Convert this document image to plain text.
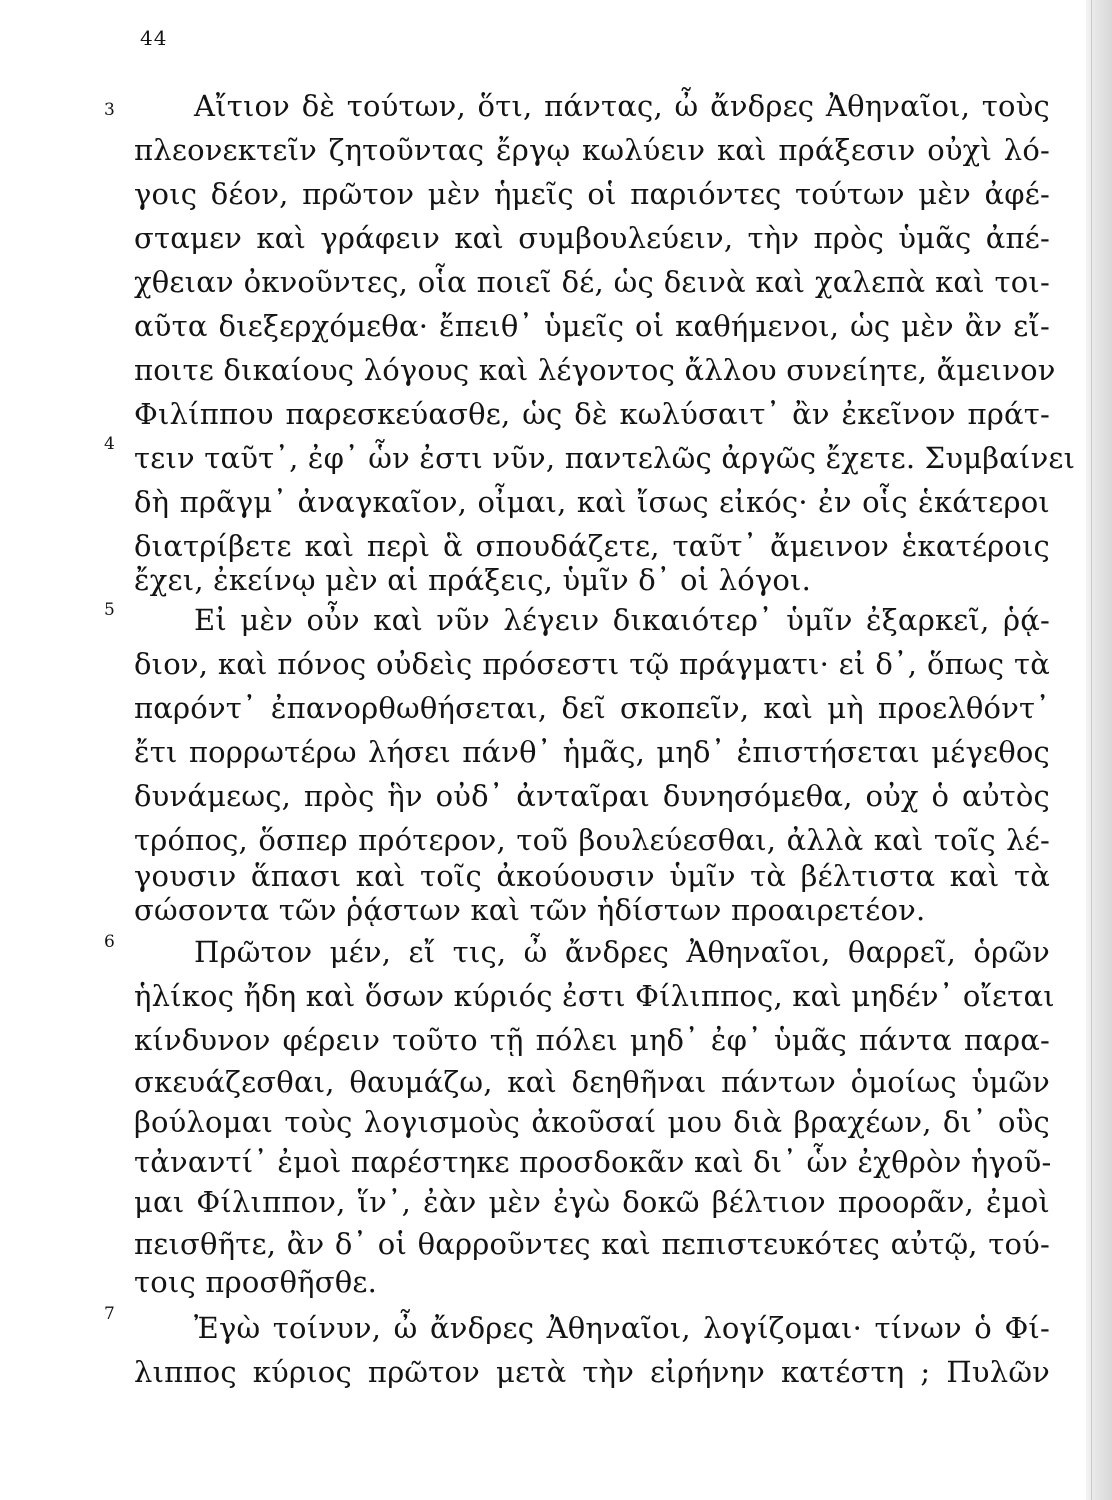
44
3
4
5
6
7
Αἴτιον δὲ τούτων, ὅτι, πάντας, ὦ ἄνδρες Ἀθηναῖοι, τοὺς
πλεονεκτεῖν ζητοῦντας ἔργῳ κωλύειν καὶ πράξεσιν οὐχὶ λό-
γοις δέον, πρῶτον μὲν ἡμεῖς οἱ παριόντες τούτων μὲν ἀφέ-
σταμεν καὶ γράφειν καὶ συμβουλεύειν, τὴν πρὸς ὑμᾶς ἀπέ-
χθειαν ὀκνοῦντες, οἷα ποιεῖ δέ, ὡς δεινὰ καὶ χαλεπὰ καὶ τοι-
αῦτα διεξερχόμεθα· ἔπειθ᾽ ὑμεῖς οἱ καθήμενοι, ὡς μὲν ἂν εἴ-
ποιτε δικαίους λόγους καὶ λέγοντος ἄλλου συνείητε, ἄμεινον
Φιλίππου παρεσκεύασθε, ὡς δὲ κωλύσαιτ᾽ ἂν ἐκεῖνον πράτ-
τειν ταῦτ᾽, ἐφ᾽ ὧν ἐστι νῦν, παντελῶς ἀργῶς ἔχετε. Συμβαίνει
δὴ πρᾶγμ᾽ ἀναγκαῖον, οἶμαι, καὶ ἴσως εἰκός· ἐν οἷς ἑκάτεροι
διατρίβετε καὶ περὶ ἃ σπουδάζετε, ταῦτ᾽ ἄμεινον ἑκατέροις
ἔχει, ἐκείνῳ μὲν αἱ πράξεις, ὑμῖν δ᾽ οἱ λόγοι.
Εἰ μὲν οὖν καὶ νῦν λέγειν δικαιότερ᾽ ὑμῖν ἐξαρκεῖ, ῥᾴ-
διον, καὶ πόνος οὐδεὶς πρόσεστι τῷ πράγματι· εἰ δ᾽, ὅπως τὰ
παρόντ᾽ ἐπανορθωθήσεται, δεῖ σκοπεῖν, καὶ μὴ προελθόντ᾽
ἔτι πορρωτέρω λήσει πάνθ᾽ ἡμᾶς, μηδ᾽ ἐπιστήσεται μέγεθος
δυνάμεως, πρὸς ἣν οὐδ᾽ ἀνταῖραι δυνησόμεθα, οὐχ ὁ αὐτὸς
τρόπος, ὅσπερ πρότερον, τοῦ βουλεύεσθαι, ἀλλὰ καὶ τοῖς λέ-
γουσιν ἅπασι καὶ τοῖς ἀκούουσιν ὑμῖν τὰ βέλτιστα καὶ τὰ
σώσοντα τῶν ῥᾴστων καὶ τῶν ἡδίστων προαιρετέον.
Πρῶτον μέν, εἴ τις, ὦ ἄνδρες Ἀθηναῖοι, θαρρεῖ, ὁρῶν
ἡλίκος ἤδη καὶ ὅσων κύριός ἐστι Φίλιππος, καὶ μηδέν᾽ οἴεται
κίνδυνον φέρειν τοῦτο τῇ πόλει μηδ᾽ ἐφ᾽ ὑμᾶς πάντα παρα-
σκευάζεσθαι, θαυμάζω, καὶ δεηθῆναι πάντων ὁμοίως ὑμῶν
βούλομαι τοὺς λογισμοὺς ἀκοῦσαί μου διὰ βραχέων, δι᾽ οὓς
τἀναντί᾽ ἐμοὶ παρέστηκε προσδοκᾶν καὶ δι᾽ ὧν ἐχθρὸν ἡγοῦ-
μαι Φίλιππον, ἵν᾽, ἐὰν μὲν ἐγὼ δοκῶ βέλτιον προορᾶν, ἐμοὶ
πεισθῆτε, ἂν δ᾽ οἱ θαρροῦντες καὶ πεπιστευκότες αὐτῷ, τού-
τοις προσθῆσθε.
Ἐγὼ τοίνυν, ὦ ἄνδρες Ἀθηναῖοι, λογίζομαι· τίνων ὁ Φί-
λιππος κύριος πρῶτον μετὰ τὴν εἰρήνην κατέστη ; Πυλῶν
